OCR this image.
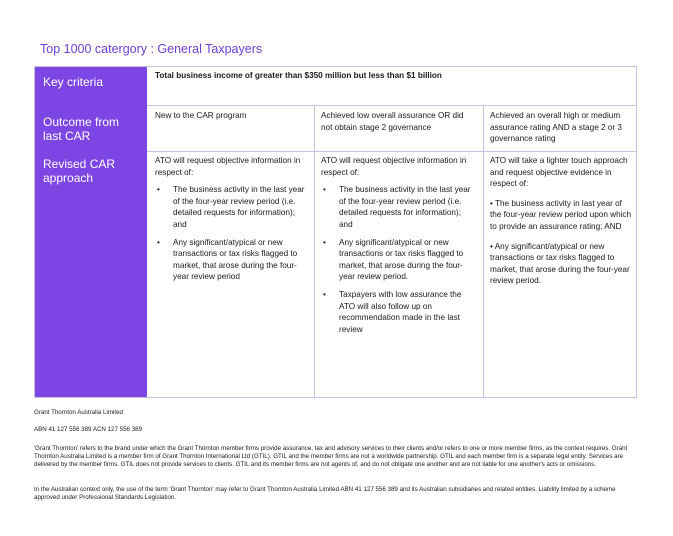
Top 1000 catergory : General Taxpayers
Key criteria
Outcome from last CAR
Revised CAR approach
Total business income of greater than $350 million but less than $1 billion
New to the CAR program	Achieved low overall assurance OR did not obtain stage 2 governance
Achieved an overall high or medium assurance rating AND a stage 2 or 3 governance rating

ATO will request objective information in respect of:

• The business activity in the last year of the four-year review period (i.e. detailed requests for information); and
• Any significant/atypical or new transactions or tax risks flagged to market, that arose during the four-year review period

ATO will request objective information in respect of:

• The business activity in the last year of the four-year review period (i.e. detailed requests for information); and
• Any significant/atypical or new transactions or tax risks flagged to market, that arose during the four-year review period.
• Taxpayers with low assurance the ATO will also follow up on recommendation made in the last review

ATO will take a lighter touch approach and request objective evidence in respect of:

• The business activity in last year of the four-year review period upon which to provide an assurance rating; AND

• Any significant/atypical or new transactions or tax risks flagged to market, that arose during the four-year review period.

Grant Thornton Australia Limited
ABN 41 127 556 389 ACN 127 556 389
'Grant Thornton' refers to the brand under which the Grant Thornton member firms provide assurance, tax and advisory services to their clients and/or refers to one or more member firms, as the context requires. Grant Thornton Australia Limited is a member firm of Grant Thornton International Ltd (GTIL). GTIL and the member firms are not a worldwide partnership. GTIL and each member firm is a separate legal entity. Services are delivered by the member firms. GTIL does not provide services to clients. GTIL and its member firms are not agents of, and do not obligate one another and are not liable for one another's acts or omissions.
In the Australian context only, the use of the term 'Grant Thornton' may refer to Grant Thornton Australia Limited ABN 41 127 556 389 and its Australian subsidiaries and related entities. Liability limited by a scheme approved under Professional Standards Legislation.
